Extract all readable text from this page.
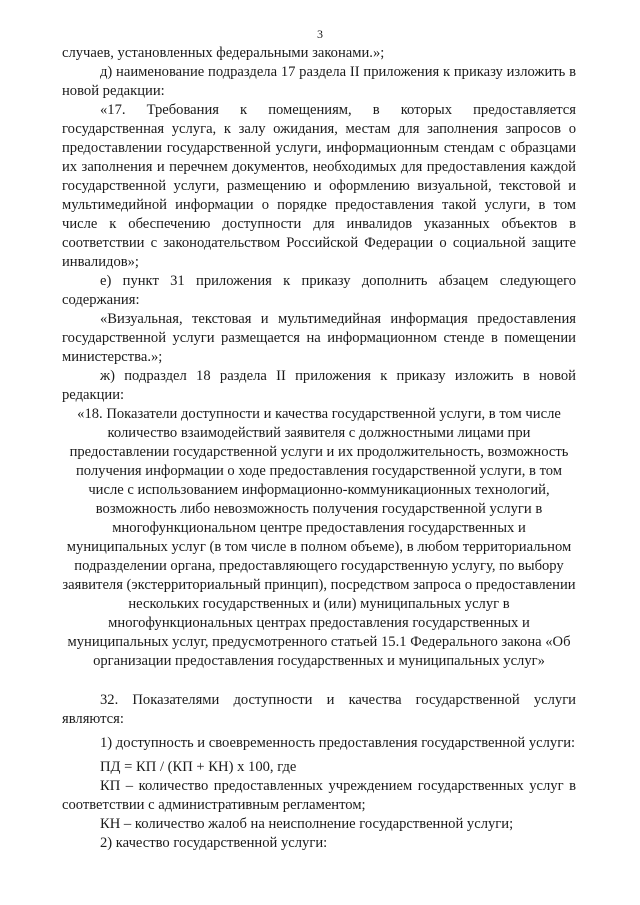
3

случаев, установленных федеральными законами.»;

д) наименование подраздела 17 раздела II приложения к приказу изложить в новой редакции:

«17. Требования к помещениям, в которых предоставляется государственная услуга, к залу ожидания, местам для заполнения запросов о предоставлении государственной услуги, информационным стендам с образцами их заполнения и перечнем документов, необходимых для предоставления каждой государственной услуги, размещению и оформлению визуальной, текстовой и мультимедийной информации о порядке предоставления такой услуги, в том числе к обеспечению доступности для инвалидов указанных объектов в соответствии с законодательством Российской Федерации о социальной защите инвалидов»;

е) пункт 31 приложения к приказу дополнить абзацем следующего содержания:

«Визуальная, текстовая и мультимедийная информация предоставления государственной услуги размещается на информационном стенде в помещении министерства.»;

ж) подраздел 18 раздела II приложения к приказу изложить в новой редакции:

«18. Показатели доступности и качества государственной услуги, в том числе количество взаимодействий заявителя с должностными лицами при предоставлении государственной услуги и их продолжительность, возможность получения информации о ходе предоставления государственной услуги, в том числе с использованием информационно-коммуникационных технологий, возможность либо невозможность получения государственной услуги в многофункциональном центре предоставления государственных и муниципальных услуг (в том числе в полном объеме), в любом территориальном подразделении органа, предоставляющего государственную услугу, по выбору заявителя (экстерриториальный принцип), посредством запроса о предоставлении нескольких государственных и (или) муниципальных услуг в многофункциональных центрах предоставления государственных и муниципальных услуг, предусмотренного статьей 15.1 Федерального закона «Об организации предоставления государственных и муниципальных услуг»

32. Показателями доступности и качества государственной услуги являются:

1) доступность и своевременность предоставления государственной услуги:

ПД = КП / (КП + КН) х 100, где

КП – количество предоставленных учреждением государственных услуг в соответствии с административным регламентом;

КН – количество жалоб на неисполнение государственной услуги;

2) качество государственной услуги:
